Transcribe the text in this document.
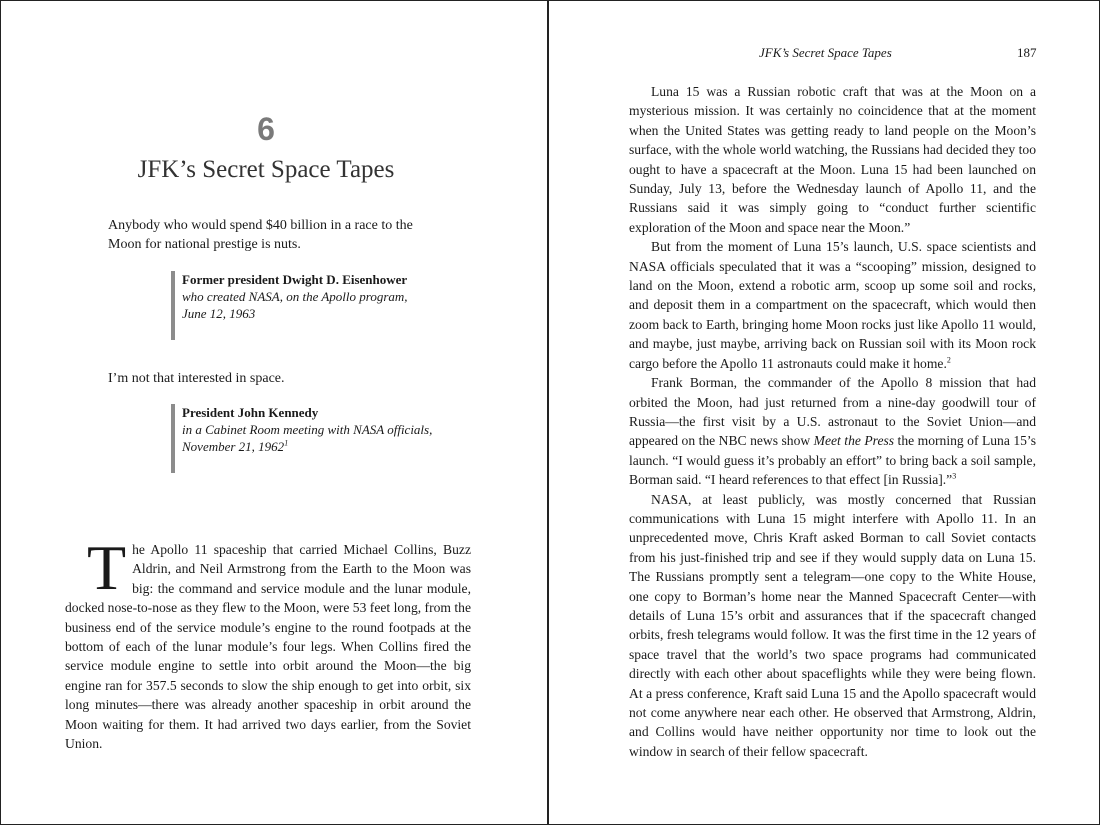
6
JFK’s Secret Space Tapes
Anybody who would spend $40 billion in a race to the Moon for national prestige is nuts.
Former president Dwight D. Eisenhower
who created NASA, on the Apollo program,
June 12, 1963
I’m not that interested in space.
President John Kennedy
in a Cabinet Room meeting with NASA officials,
November 21, 1962$^1$
The Apollo 11 spaceship that carried Michael Collins, Buzz Aldrin, and Neil Armstrong from the Earth to the Moon was big: the command and service module and the lunar module, docked nose-to-nose as they flew to the Moon, were 53 feet long, from the business end of the service module’s engine to the round footpads at the bottom of each of the lunar module’s four legs. When Collins fired the service module engine to settle into orbit around the Moon—the big engine ran for 357.5 seconds to slow the ship enough to get into orbit, six long minutes—there was already another spaceship in orbit around the Moon waiting for them. It had arrived two days earlier, from the Soviet Union.
JFK’s Secret Space Tapes	187

Luna 15 was a Russian robotic craft that was at the Moon on a mysterious mission. It was certainly no coincidence that at the moment when the United States was getting ready to land people on the Moon’s surface, with the whole world watching, the Russians had decided they too ought to have a spacecraft at the Moon. Luna 15 had been launched on Sunday, July 13, before the Wednesday launch of Apollo 11, and the Russians said it was simply going to “conduct further scientific exploration of the Moon and space near the Moon.”

But from the moment of Luna 15’s launch, U.S. space scientists and NASA officials speculated that it was a “scooping” mission, designed to land on the Moon, extend a robotic arm, scoop up some soil and rocks, and deposit them in a compartment on the spacecraft, which would then zoom back to Earth, bringing home Moon rocks just like Apollo 11 would, and maybe, just maybe, arriving back on Russian soil with its Moon rock cargo before the Apollo 11 astronauts could make it home.$^2$

Frank Borman, the commander of the Apollo 8 mission that had orbited the Moon, had just returned from a nine-day goodwill tour of Russia—the first visit by a U.S. astronaut to the Soviet Union—and appeared on the NBC news show Meet the Press the morning of Luna 15’s launch. “I would guess it’s probably an effort” to bring back a soil sample, Borman said. “I heard references to that effect [in Russia].”$^3$

NASA, at least publicly, was mostly concerned that Russian communications with Luna 15 might interfere with Apollo 11. In an unprecedented move, Chris Kraft asked Borman to call Soviet contacts from his just-finished trip and see if they would supply data on Luna 15. The Russians promptly sent a telegram—one copy to the White House, one copy to Borman’s home near the Manned Spacecraft Center—with details of Luna 15’s orbit and assurances that if the spacecraft changed orbits, fresh telegrams would follow. It was the first time in the 12 years of space travel that the world’s two space programs had communicated directly with each other about spaceflights while they were being flown. At a press conference, Kraft said Luna 15 and the Apollo spacecraft would not come anywhere near each other. He observed that Armstrong, Aldrin, and Collins would have neither opportunity nor time to look out the window in search of their fellow spacecraft.
